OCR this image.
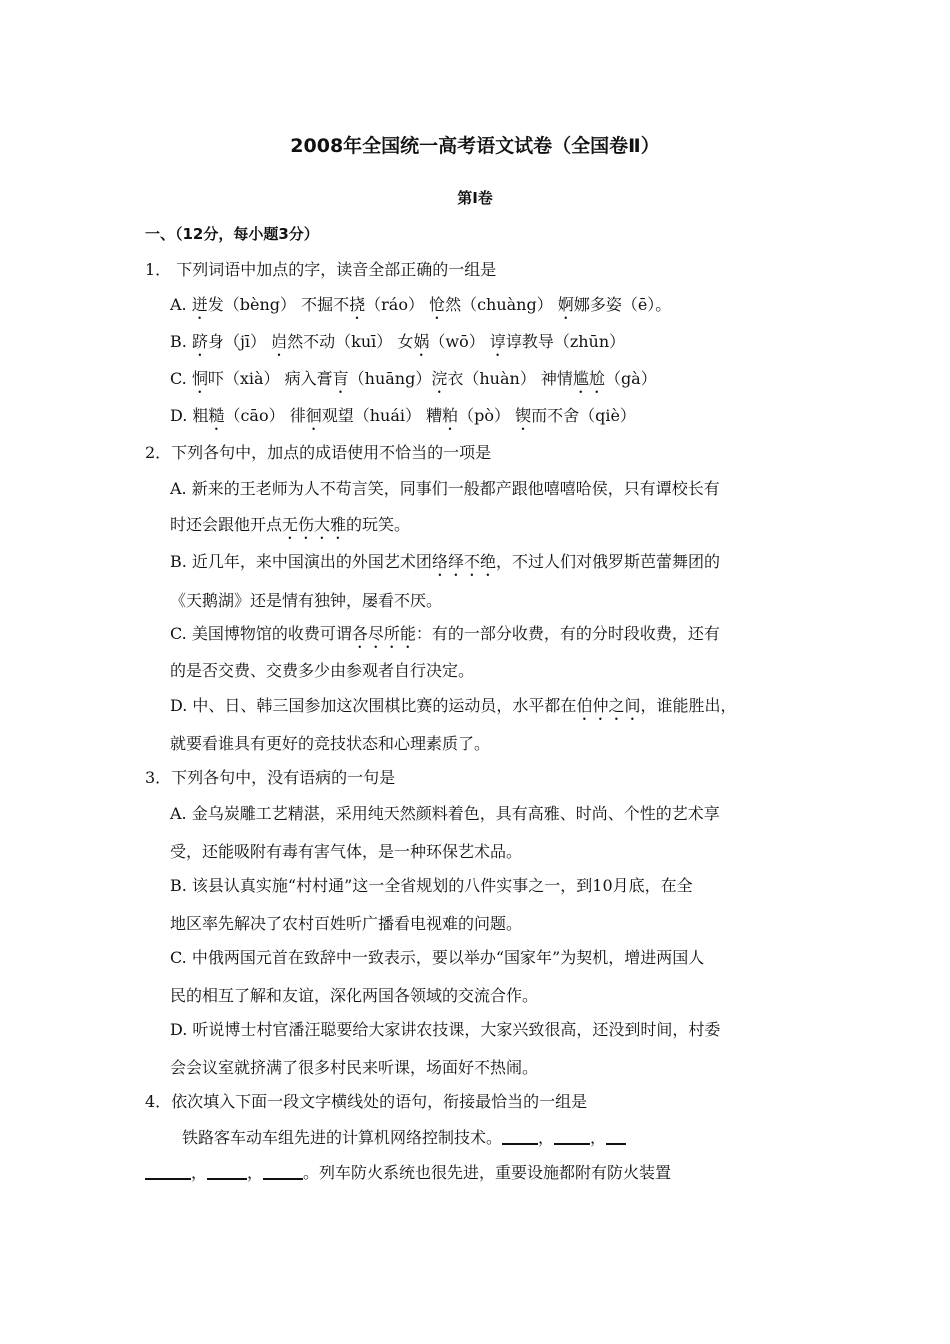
2008年全国统一高考语文试卷（全国卷Ⅱ）
第Ⅰ卷
一、（12分，每小题3分）
1． 下列词语中加点的字，读音全部正确的一组是
A. 迸发（bèng） 不掘不挠（ráo） 怆然（chuàng） 婀娜多姿（ē）。
B. 跻身（jī） 岿然不动（kuī） 女娲（wō） 谆谆教导（zhūn）
C. 恫吓（xià） 病入膏肓（huāng）浣衣（huàn） 神情尴尬（gà）
D. 粗糙（cāo） 徘徊观望（huái） 糟粕（pò） 锲而不舍（qiè）
2．下列各句中，加点的成语使用不恰当的一项是
A. 新来的王老师为人不苟言笑，同事们一般都产跟他嘻嘻哈侯，只有谭校长有
时还会跟他开点无伤大雅的玩笑。
B. 近几年，来中国演出的外国艺术团络绎不绝，不过人们对俄罗斯芭蕾舞团的
《天鹅湖》还是情有独钟，屡看不厌。
C. 美国博物馆的收费可谓各尽所能：有的一部分收费，有的分时段收费，还有
的是否交费、交费多少由参观者自行决定。
D. 中、日、韩三国参加这次围棋比赛的运动员，水平都在伯仲之间，谁能胜出，
就要看谁具有更好的竞技状态和心理素质了。
3．下列各句中，没有语病的一句是
A. 金乌炭雕工艺精湛，采用纯天然颜料着色，具有高雅、时尚、个性的艺术享
受，还能吸附有毒有害气体，是一种环保艺术品。
B. 该县认真实施“村村通”这一全省规划的八件实事之一，到10月底，在全
地区率先解决了农村百姓听广播看电视难的问题。
C. 中俄两国元首在致辞中一致表示，要以举办“国家年”为契机，增进两国人
民的相互了解和友谊，深化两国各领域的交流合作。
D. 听说博士村官潘汪聪要给大家讲农技课，大家兴致很高，还没到时间，村委
会会议室就挤满了很多村民来听课，场面好不热闹。
4．依次填入下面一段文字横线处的语句，衔接最恰当的一组是
铁路客车动车组先进的计算机网络控制技术。 ， ，
，	，	。列车防火系统也很先进，重要设施都附有防火装置
